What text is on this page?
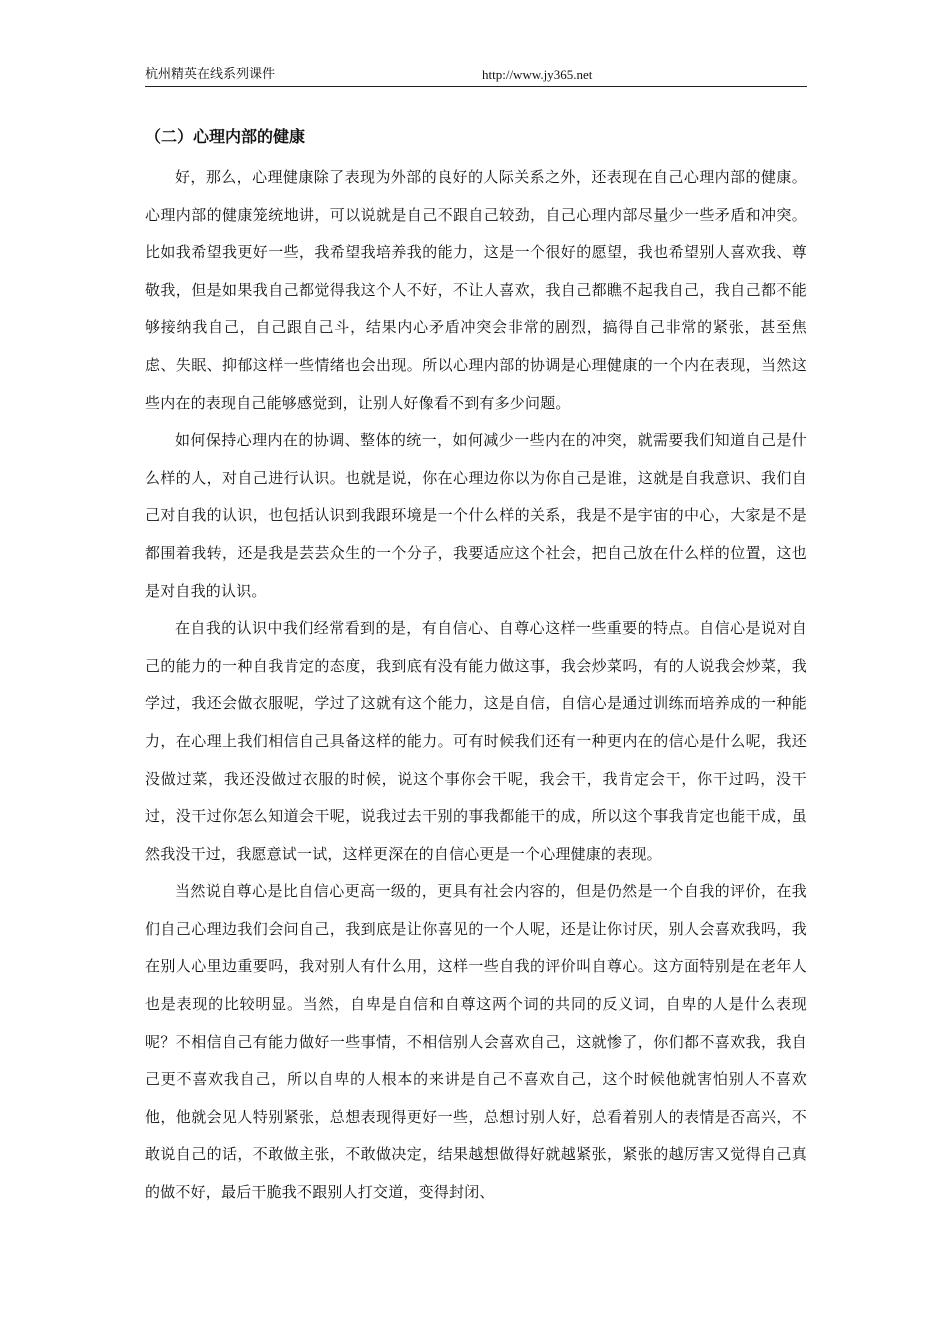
杭州精英在线系列课件	http://www.jy365.net
（二）心理内部的健康

好，那么，心理健康除了表现为外部的良好的人际关系之外，还表现在自己心理内部的健康。心理内部的健康笼统地讲，可以说就是自己不跟自己较劲，自己心理内部尽量少一些矛盾和冲突。比如我希望我更好一些，我希望我培养我的能力，这是一个很好的愿望，我也希望别人喜欢我、尊敬我，但是如果我自己都觉得我这个人不好，不让人喜欢，我自己都瞧不起我自己，我自己都不能够接纳我自己，自己跟自己斗，结果内心矛盾冲突会非常的剧烈，搞得自己非常的紧张，甚至焦虑、失眠、抑郁这样一些情绪也会出现。所以心理内部的协调是心理健康的一个内在表现，当然这些内在的表现自己能够感觉到，让别人好像看不到有多少问题。

如何保持心理内在的协调、整体的统一，如何减少一些内在的冲突，就需要我们知道自己是什么样的人，对自己进行认识。也就是说，你在心理边你以为你自己是谁，这就是自我意识、我们自己对自我的认识，也包括认识到我跟环境是一个什么样的关系，我是不是宇宙的中心，大家是不是都围着我转，还是我是芸芸众生的一个分子，我要适应这个社会，把自己放在什么样的位置，这也是对自我的认识。

在自我的认识中我们经常看到的是，有自信心、自尊心这样一些重要的特点。自信心是说对自己的能力的一种自我肯定的态度，我到底有没有能力做这事，我会炒菜吗，有的人说我会炒菜，我学过，我还会做衣服呢，学过了这就有这个能力，这是自信，自信心是通过训练而培养成的一种能力，在心理上我们相信自己具备这样的能力。可有时候我们还有一种更内在的信心是什么呢，我还没做过菜，我还没做过衣服的时候，说这个事你会干呢，我会干，我肯定会干，你干过吗，没干过，没干过你怎么知道会干呢，说我过去干别的事我都能干的成，所以这个事我肯定也能干成，虽然我没干过，我愿意试一试，这样更深在的自信心更是一个心理健康的表现。

当然说自尊心是比自信心更高一级的，更具有社会内容的，但是仍然是一个自我的评价，在我们自己心理边我们会问自己，我到底是让你喜见的一个人呢，还是让你讨厌，别人会喜欢我吗，我在别人心里边重要吗，我对别人有什么用，这样一些自我的评价叫自尊心。这方面特别是在老年人也是表现的比较明显。当然，自卑是自信和自尊这两个词的共同的反义词，自卑的人是什么表现呢？不相信自己有能力做好一些事情，不相信别人会喜欢自己，这就惨了，你们都不喜欢我，我自己更不喜欢我自己，所以自卑的人根本的来讲是自己不喜欢自己，这个时候他就害怕别人不喜欢他，他就会见人特别紧张，总想表现得更好一些，总想讨别人好，总看着别人的表情是否高兴，不敢说自己的话，不敢做主张，不敢做决定，结果越想做得好就越紧张，紧张的越厉害又觉得自己真的做不好，最后干脆我不跟别人打交道，变得封闭、
